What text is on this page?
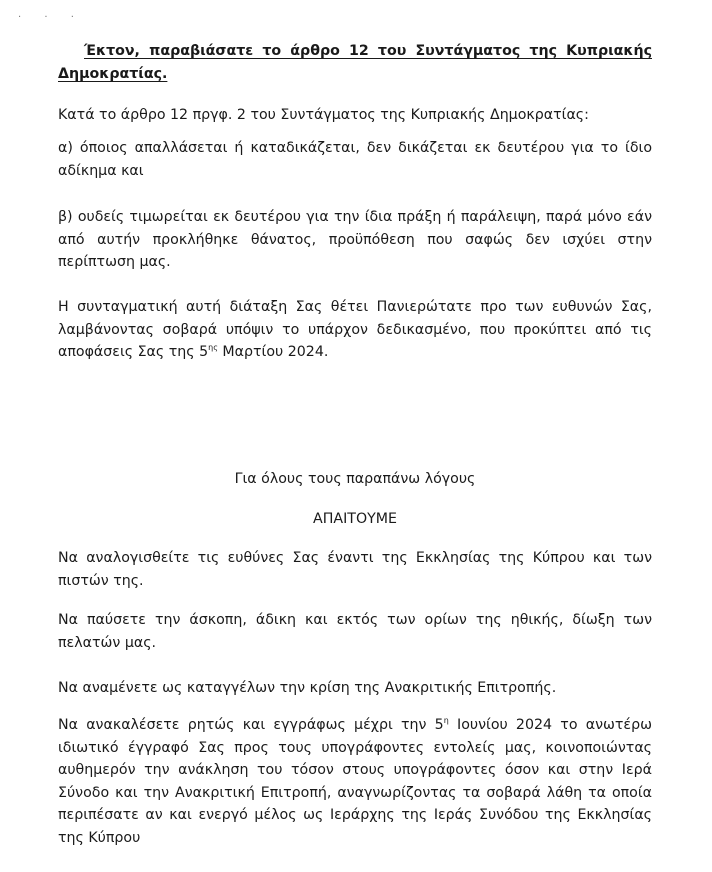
· · ·

Έκτον, παραβιάσατε το άρθρο 12 του Συντάγματος της Κυπριακής Δημοκρατίας.

Κατά το άρθρο 12 πργφ. 2 του Συντάγματος της Κυπριακής Δημοκρατίας:

α) όποιος απαλλάσεται ή καταδικάζεται, δεν δικάζεται εκ δευτέρου για το ίδιο αδίκημα και

β) ουδείς τιμωρείται εκ δευτέρου για την ίδια πράξη ή παράλειψη, παρά μόνο εάν από αυτήν προκλήθηκε θάνατος, προϋπόθεση που σαφώς δεν ισχύει στην περίπτωση μας.

Η συνταγματική αυτή διάταξη Σας θέτει Πανιερώτατε προ των ευθυνών Σας, λαμβάνοντας σοβαρά υπόψιν το υπάρχον δεδικασμένο, που προκύπτει από τις αποφάσεις Σας της $5^{\eta\varsigma}$ Μαρτίου 2024.

Για όλους τους παραπάνω λόγους

ΑΠΑΙΤΟΥΜΕ

Να αναλογισθείτε τις ευθύνες Σας έναντι της Εκκλησίας της Κύπρου και των πιστών της.

Να παύσετε την άσκοπη, άδικη και εκτός των ορίων της ηθικής, δίωξη των πελατών μας.

Να αναμένετε ως καταγγέλων την κρίση της Ανακριτικής Επιτροπής.

Να ανακαλέσετε ρητώς και εγγράφως μέχρι την $5^\eta$ Ιουνίου 2024 το ανωτέρω ιδιωτικό έγγραφό Σας προς τους υπογράφοντες εντολείς μας, κοινοποιώντας αυθημερόν την ανάκληση του τόσον στους υπογράφοντες όσον και στην Ιερά Σύνοδο και την Ανακριτική Επιτροπή, αναγνωρίζοντας τα σοβαρά λάθη τα οποία περιπέσατε αν και ενεργό μέλος ως Ιεράρχης της Ιεράς Συνόδου της Εκκλησίας της Κύπρου
